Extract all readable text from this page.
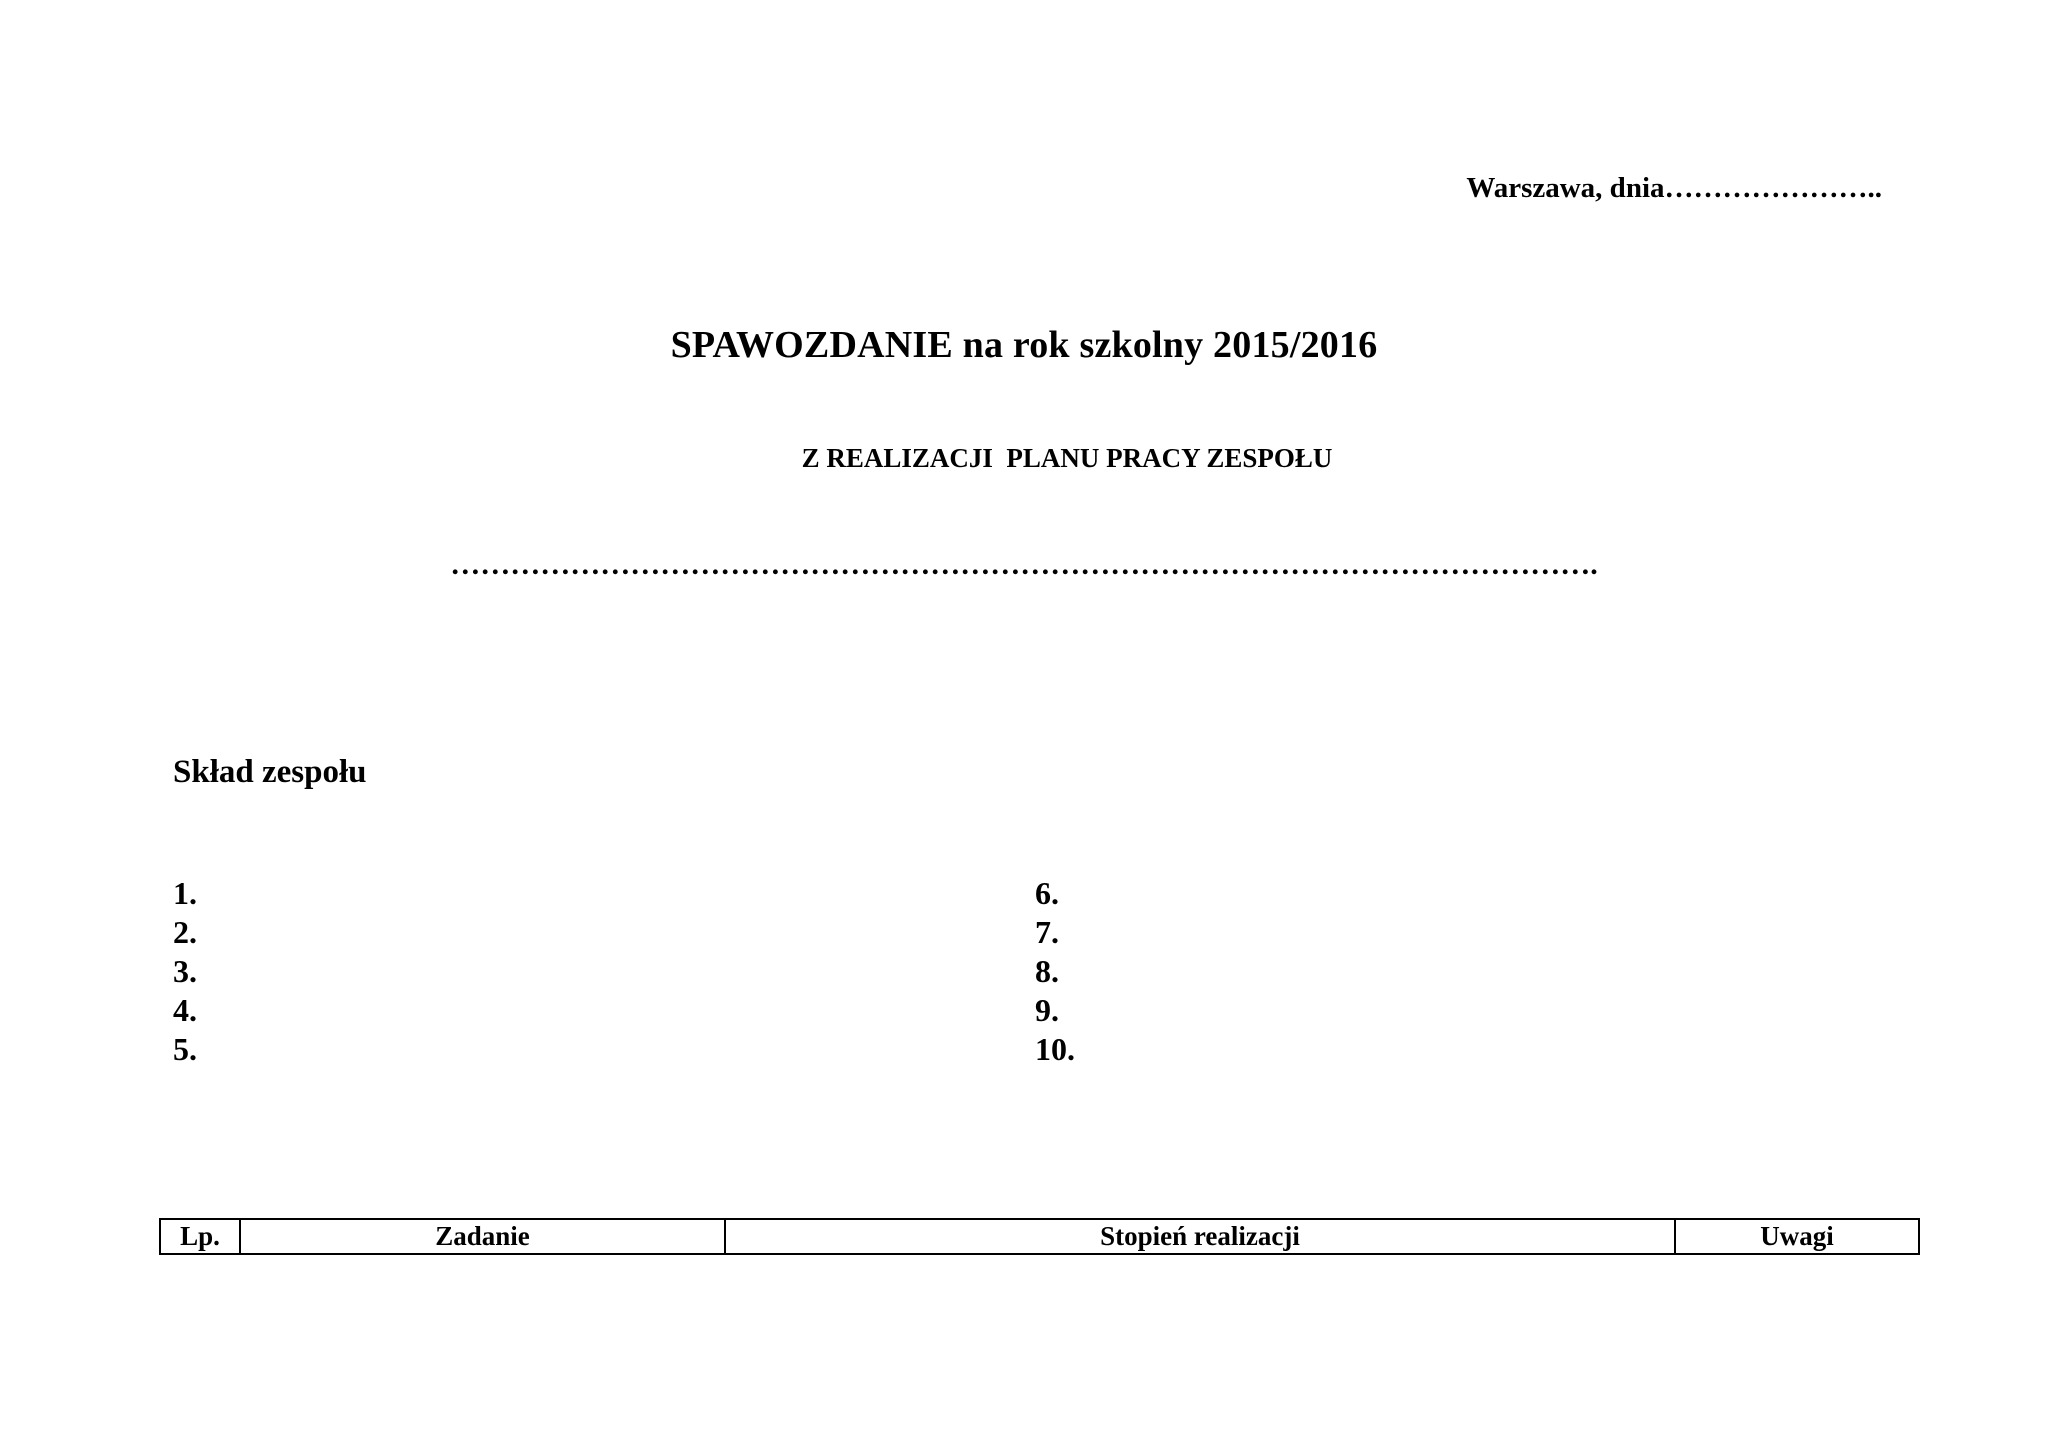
Warszawa, dnia…………………..
SPAWOZDANIE na rok szkolny 2015/2016
Z REALIZACJI  PLANU PRACY ZESPOŁU
…………………………………………………………………………………………………….
Skład zespołu
1.
2.
3.
4.
5.
6.
7.
8.
9.
10.
Lp.	Zadanie	Stopień realizacji	Uwagi
